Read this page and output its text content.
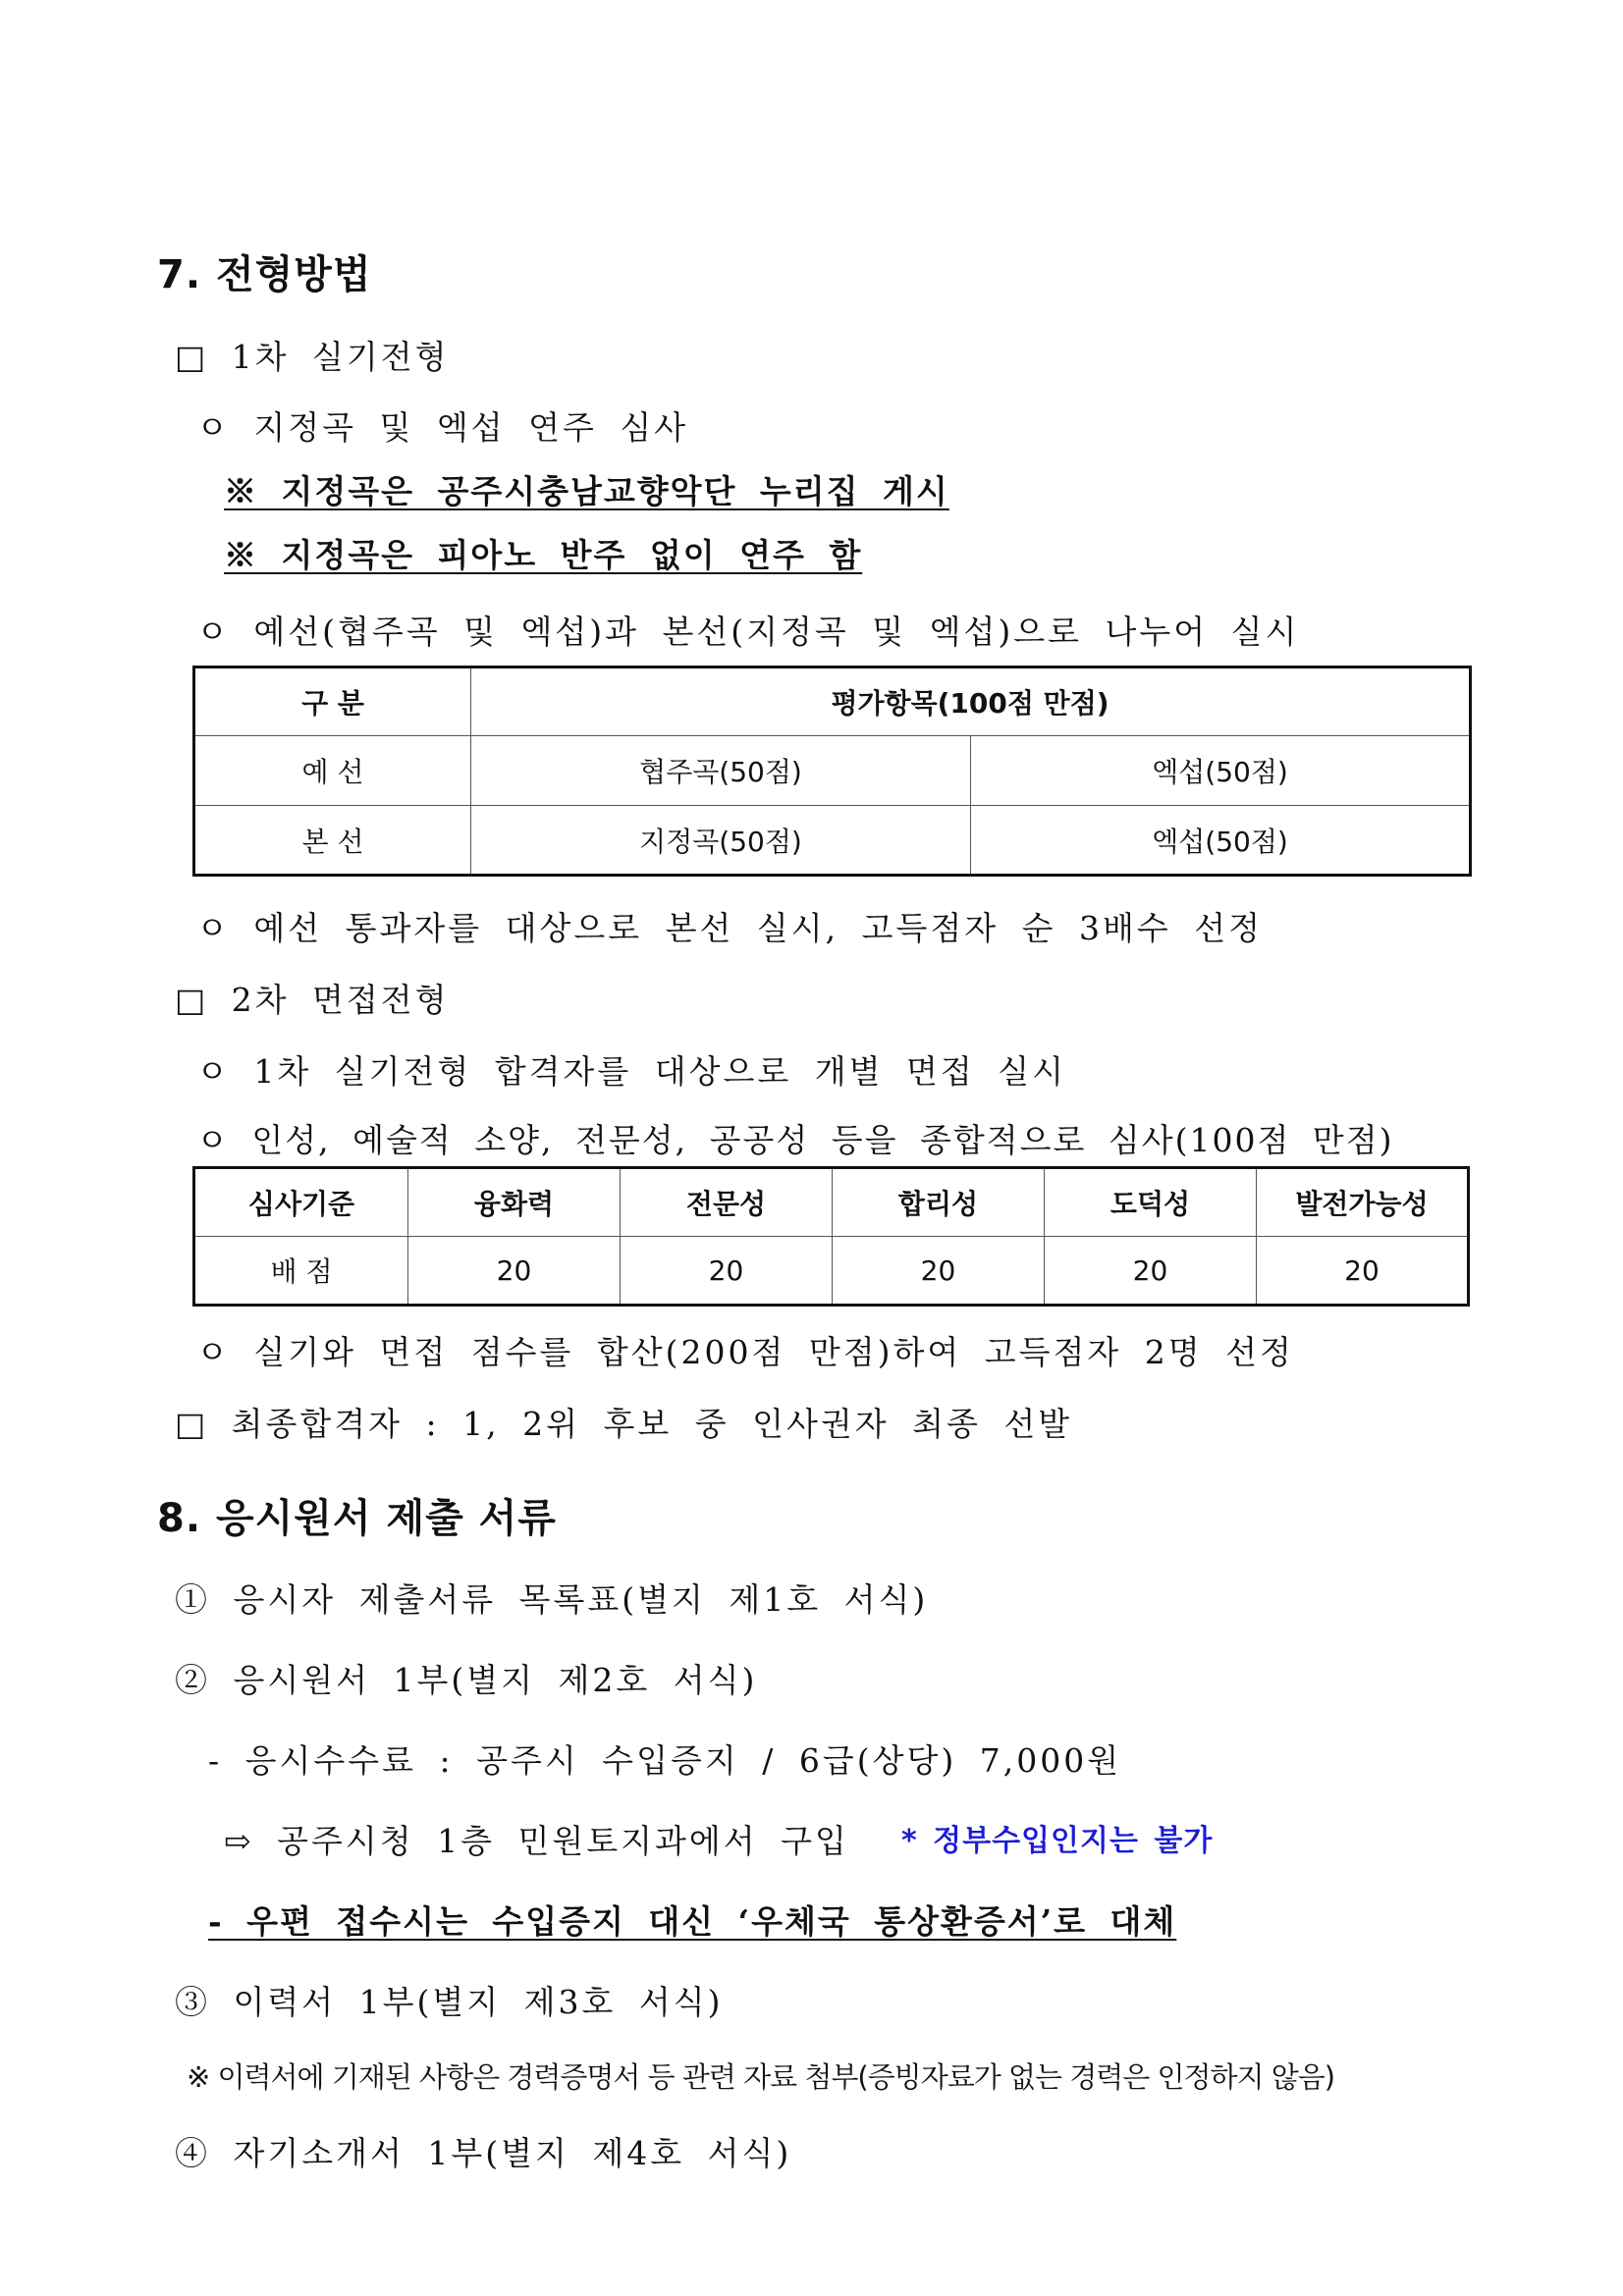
7. 전형방법
□ 1차 실기전형
ㅇ 지정곡 및 엑섭 연주 심사
※ 지정곡은 공주시충남교향악단 누리집 게시
※ 지정곡은 피아노 반주 없이 연주 함
ㅇ 예선(협주곡 및 엑섭)과 본선(지정곡 및 엑섭)으로 나누어 실시
구 분	평가항목(100점 만점)	
예 선	협주곡(50점)	엑섭(50점)
본 선	지정곡(50점)	엑섭(50점)
ㅇ 예선 통과자를 대상으로 본선 실시, 고득점자 순 3배수 선정
□ 2차 면접전형
ㅇ 1차 실기전형 합격자를 대상으로 개별 면접 실시
ㅇ 인성, 예술적 소양, 전문성, 공공성 등을 종합적으로 심사(100점 만점)
심사기준	융화력	전문성	합리성	도덕성	발전가능성
배 점	20	20	20	20	20
ㅇ 실기와 면접 점수를 합산(200점 만점)하여 고득점자 2명 선정
□ 최종합격자 : 1, 2위 후보 중 인사권자 최종 선발
8. 응시원서 제출 서류
① 응시자 제출서류 목록표(별지 제1호 서식)
② 응시원서 1부(별지 제2호 서식)
- 응시수수료 : 공주시 수입증지 / 6급(상당) 7,000원
⇨ 공주시청 1층 민원토지과에서 구입 * 정부수입인지는 불가
- 우편 접수시는 수입증지 대신 ‘우체국 통상환증서’로 대체
③ 이력서 1부(별지 제3호 서식)
※ 이력서에 기재된 사항은 경력증명서 등 관련 자료 첨부(증빙자료가 없는 경력은 인정하지 않음)
④ 자기소개서 1부(별지 제4호 서식)
